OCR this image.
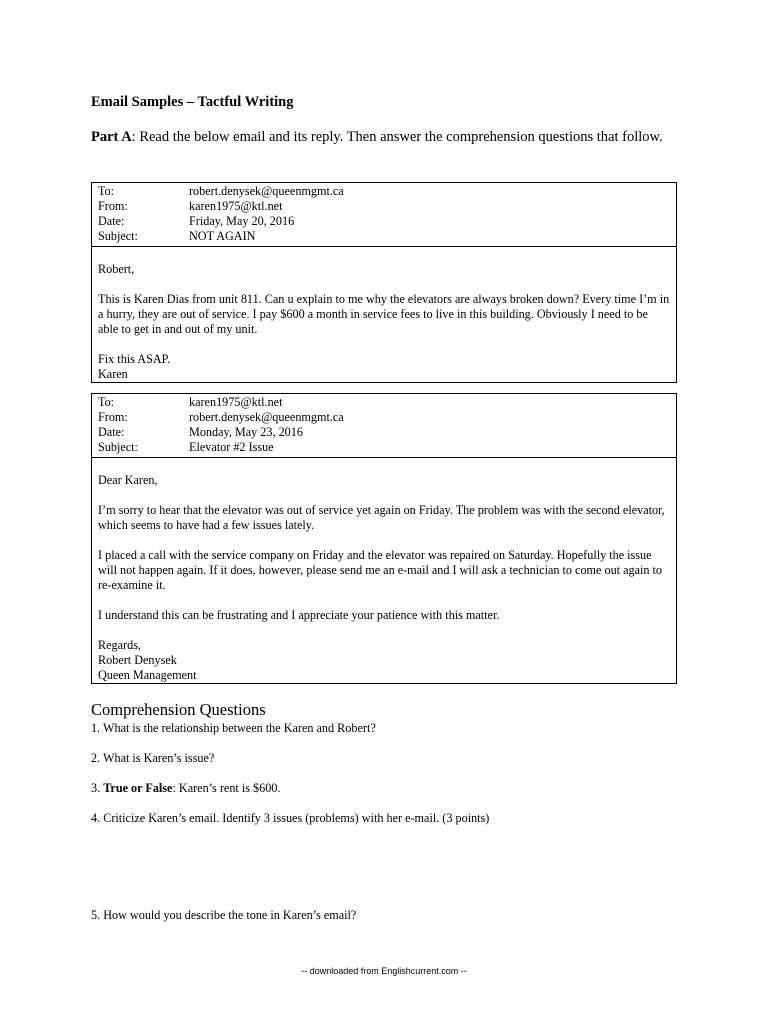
Email Samples – Tactful Writing
Part A: Read the below email and its reply. Then answer the comprehension questions that follow.
To:	robert.denysek@queenmgmt.ca
From:	karen1975@ktl.net
Date:	Friday, May 20, 2016
Subject:	NOT AGAIN

Robert,

This is Karen Dias from unit 811. Can u explain to me why the elevators are always broken down? Every time I’m in a hurry, they are out of service. I pay $600 a month in service fees to live in this building. Obviously I need to be able to get in and out of my unit.

Fix this ASAP.

Karen

To:	karen1975@ktl.net
From:	robert.denysek@queenmgmt.ca
Date:	Monday, May 23, 2016
Subject:	Elevator #2 Issue

Dear Karen,

I’m sorry to hear that the elevator was out of service yet again on Friday. The problem was with the second elevator, which seems to have had a few issues lately.

I placed a call with the service company on Friday and the elevator was repaired on Saturday. Hopefully the issue will not happen again. If it does, however, please send me an e-mail and I will ask a technician to come out again to re-examine it.

I understand this can be frustrating and I appreciate your patience with this matter.

Regards,

Robert Denysek

Queen Management

Comprehension Questions
1. What is the relationship between the Karen and Robert?
2. What is Karen’s issue?
3. True or False: Karen’s rent is $600.
4. Criticize Karen’s email. Identify 3 issues (problems) with her e-mail. (3 points)
5. How would you describe the tone in Karen’s email?
-- downloaded from Englishcurrent.com --
